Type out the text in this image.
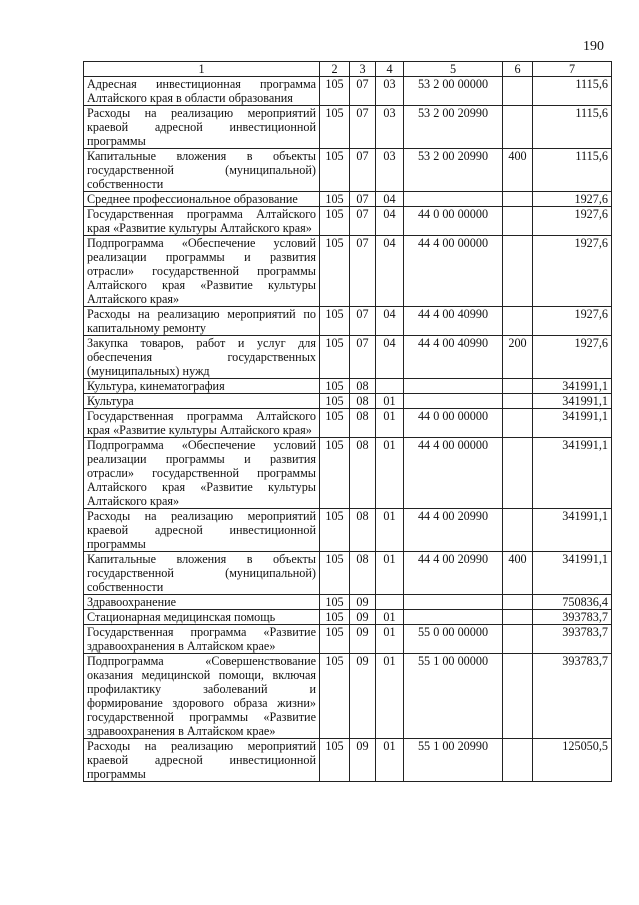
190
1	2	3	4	5	6	7
Адресная инвестиционная программа Алтайского края в области образования	105	07	03	53 2 00 00000		1115,6
Расходы на реализацию мероприятий краевой адресной инвестиционной программы	105	07	03	53 2 00 20990		1115,6
Капитальные вложения в объекты государственной (муниципальной) собственности	105	07	03	53 2 00 20990	400	1115,6
Среднее профессиональное образование	105	07	04			1927,6
Государственная программа Алтайского края «Развитие культуры Алтайского края»	105	07	04	44 0 00 00000		1927,6
Подпрограмма «Обеспечение условий реализации программы и развития отрасли» государственной программы Алтайского края «Развитие культуры Алтайского края»	105	07	04	44 4 00 00000		1927,6
Расходы на реализацию мероприятий по капитальному ремонту	105	07	04	44 4 00 40990		1927,6
Закупка товаров, работ и услуг для обеспечения государственных (муниципальных) нужд	105	07	04	44 4 00 40990	200	1927,6
Культура, кинематография	105	08				341991,1
Культура	105	08	01			341991,1
Государственная программа Алтайского края «Развитие культуры Алтайского края»	105	08	01	44 0 00 00000		341991,1
Подпрограмма «Обеспечение условий реализации программы и развития отрасли» государственной программы Алтайского края «Развитие культуры Алтайского края»	105	08	01	44 4 00 00000		341991,1
Расходы на реализацию мероприятий краевой адресной инвестиционной программы	105	08	01	44 4 00 20990		341991,1
Капитальные вложения в объекты государственной (муниципальной) собственности	105	08	01	44 4 00 20990	400	341991,1
Здравоохранение	105	09				750836,4
Стационарная медицинская помощь	105	09	01			393783,7
Государственная программа «Развитие здравоохранения в Алтайском крае»	105	09	01	55 0 00 00000		393783,7
Подпрограмма «Совершенствование оказания медицинской помощи, включая профилактику заболеваний и формирование здорового образа жизни» государственной программы «Развитие здравоохранения в Алтайском крае»	105	09	01	55 1 00 00000		393783,7
Расходы на реализацию мероприятий краевой адресной инвестиционной программы	105	09	01	55 1 00 20990		125050,5
